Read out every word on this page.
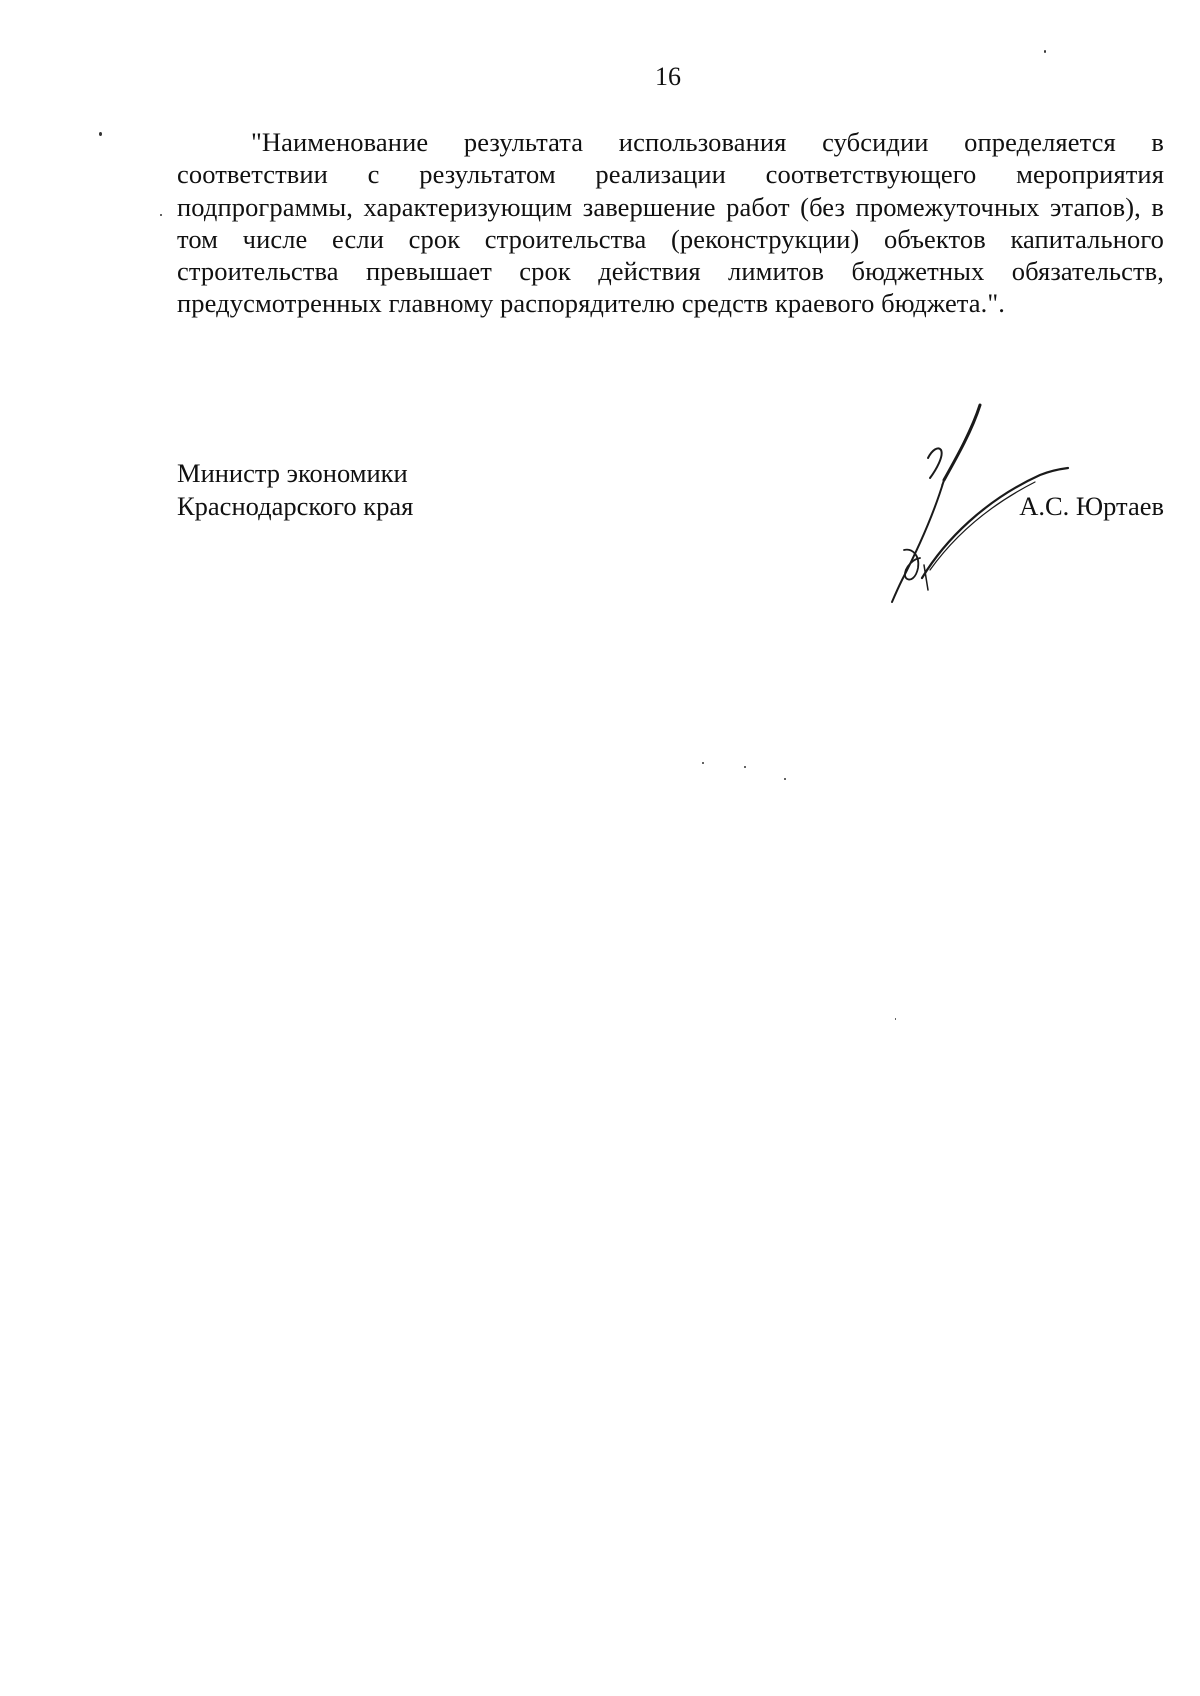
16

"Наименование результата использования субсидии определяется в соответствии с результатом реализации соответствующего мероприятия подпрограммы, характеризующим завершение работ (без промежуточных этапов), в том числе если срок строительства (реконструкции) объектов капитального строительства превышает срок действия лимитов бюджетных обязательств, предусмотренных главному распорядителю средств краевого бюджета.".

Министр экономики
Краснодарского края	А.С. Юртаев
